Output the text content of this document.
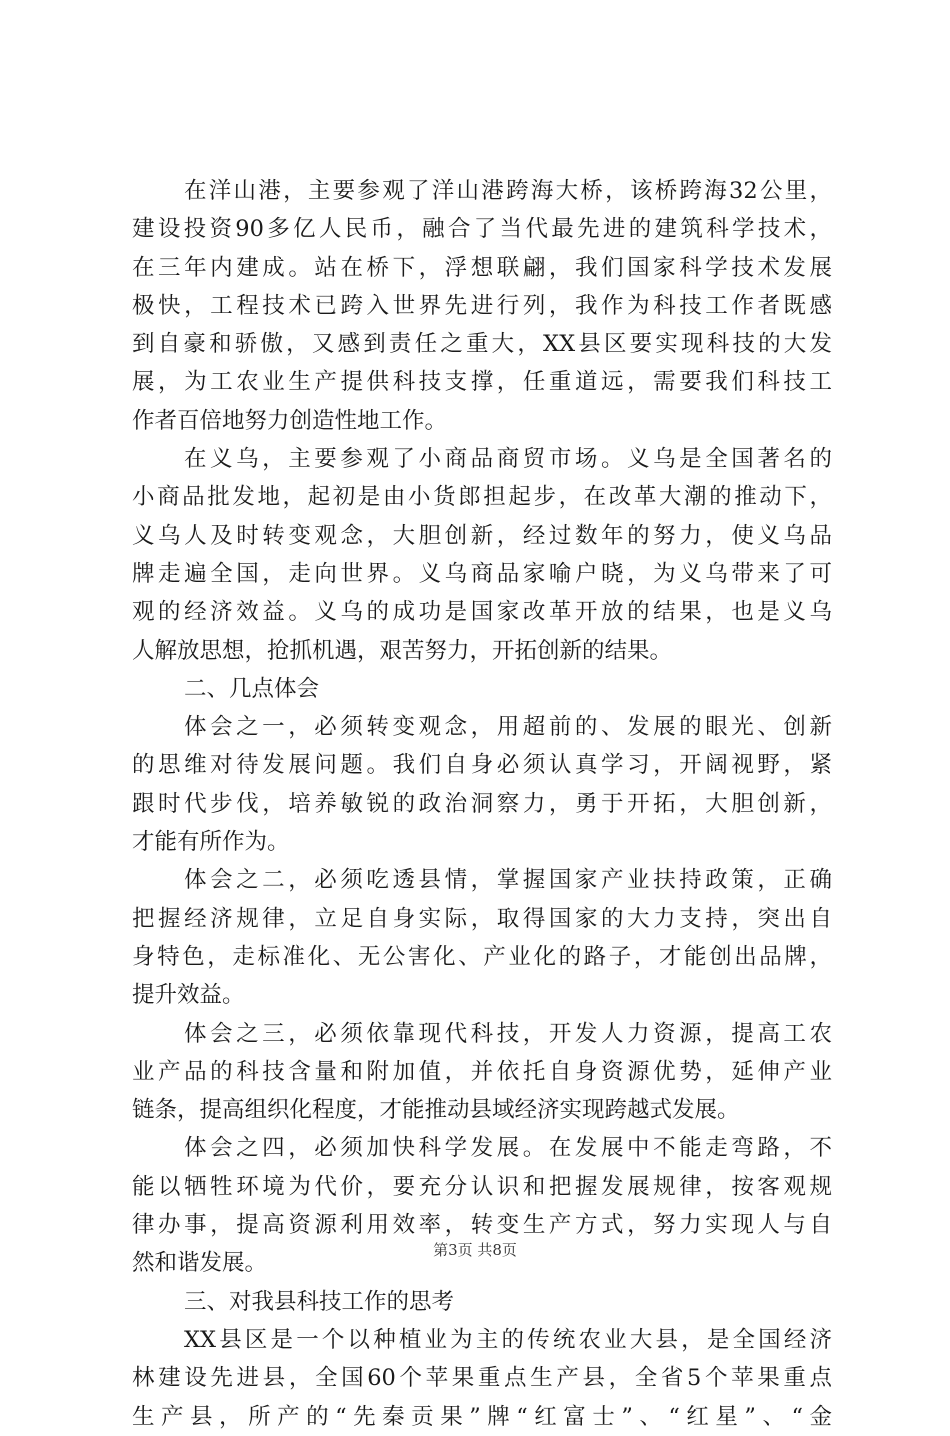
在洋山港，主要参观了洋山港跨海大桥，该桥跨海32公里，
建设投资90多亿人民币，融合了当代最先进的建筑科学技术，
在三年内建成。站在桥下，浮想联翩，我们国家科学技术发展
极快，工程技术已跨入世界先进行列，我作为科技工作者既感
到自豪和骄傲，又感到责任之重大，XX县区要实现科技的大发
展，为工农业生产提供科技支撑，任重道远，需要我们科技工
作者百倍地努力创造性地工作。
在义乌，主要参观了小商品商贸市场。义乌是全国著名的
小商品批发地，起初是由小货郎担起步，在改革大潮的推动下，
义乌人及时转变观念，大胆创新，经过数年的努力，使义乌品
牌走遍全国，走向世界。义乌商品家喻户晓，为义乌带来了可
观的经济效益。义乌的成功是国家改革开放的结果，也是义乌
人解放思想，抢抓机遇，艰苦努力，开拓创新的结果。
二、几点体会
体会之一，必须转变观念，用超前的、发展的眼光、创新
的思维对待发展问题。我们自身必须认真学习，开阔视野，紧
跟时代步伐，培养敏锐的政治洞察力，勇于开拓，大胆创新，
才能有所作为。
体会之二，必须吃透县情，掌握国家产业扶持政策，正确
把握经济规律，立足自身实际，取得国家的大力支持，突出自
身特色，走标准化、无公害化、产业化的路子，才能创出品牌，
提升效益。
体会之三，必须依靠现代科技，开发人力资源，提高工农
业产品的科技含量和附加值，并依托自身资源优势，延伸产业
链条，提高组织化程度，才能推动县域经济实现跨越式发展。
体会之四，必须加快科学发展。在发展中不能走弯路，不
能以牺牲环境为代价，要充分认识和把握发展规律，按客观规
律办事，提高资源利用效率，转变生产方式，努力实现人与自
然和谐发展。
三、对我县科技工作的思考
XX县区是一个以种植业为主的传统农业大县，是全国经济
林建设先进县，全国60个苹果重点生产县，全省5个苹果重点
生产县，所产的“先秦贡果”牌“红富士”、“红星”、“金
第3页 共8页
